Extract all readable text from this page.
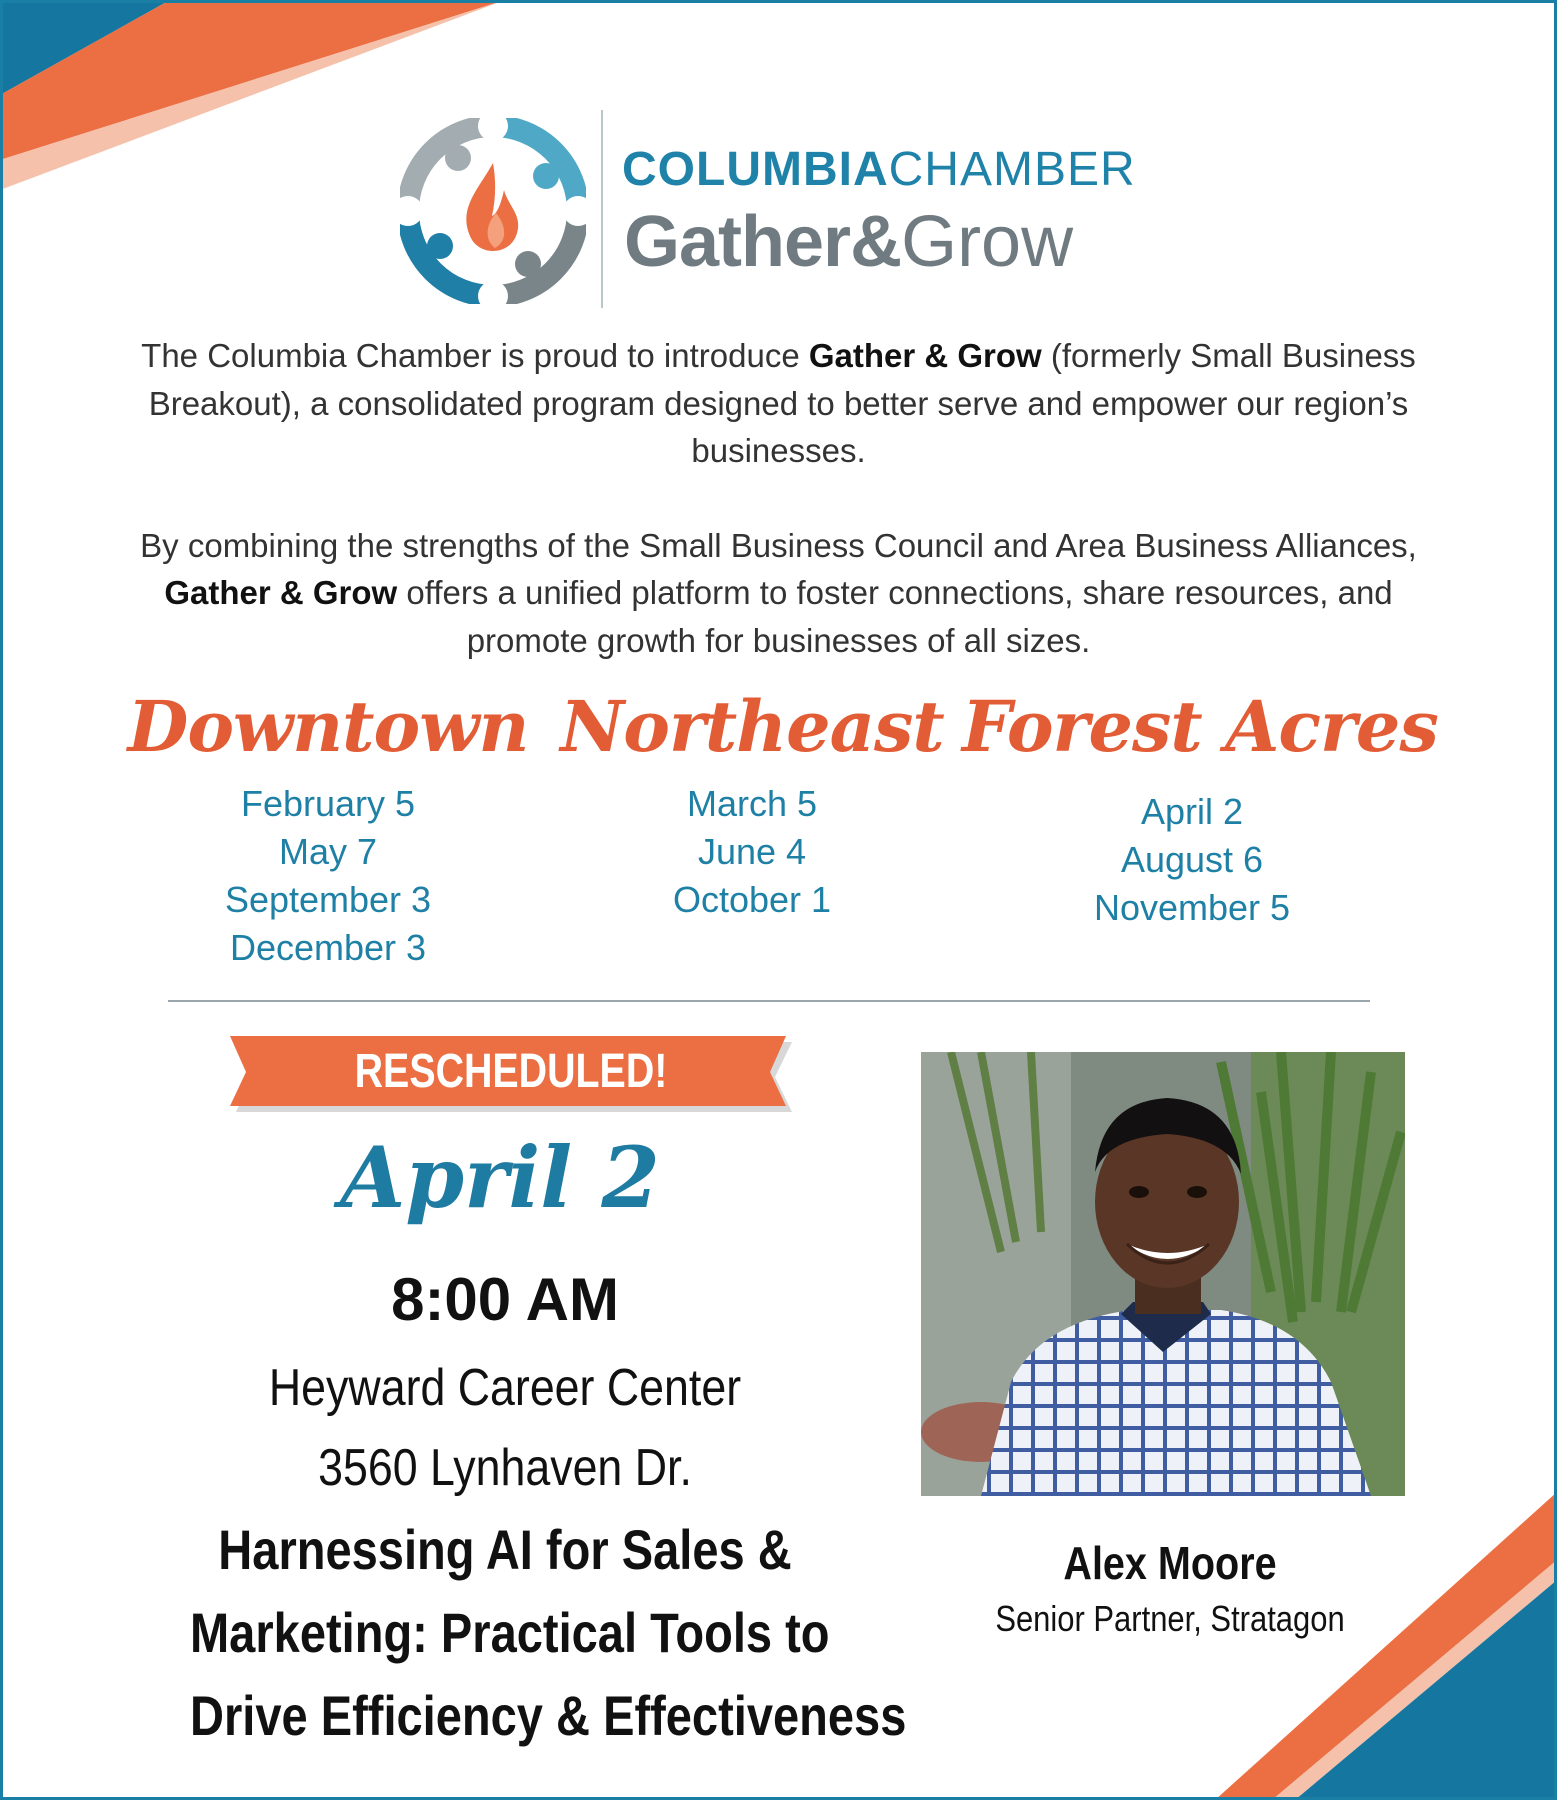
COLUMBIACHAMBER
Gather&Grow

The Columbia Chamber is proud to introduce Gather & Grow (formerly Small Business Breakout), a consolidated program designed to better serve and empower our region’s businesses.

By combining the strengths of the Small Business Council and Area Business Alliances, Gather & Grow offers a unified platform to foster connections, share resources, and promote growth for businesses of all sizes.

Downtown
February 5
May 7
September 3
December 3
Northeast
March 5
June 4
October 1
Forest Acres
April 2
August 6
November 5
RESCHEDULED!
April 2
8:00 AM
Heyward Career Center
3560 Lynhaven Dr.
Harnessing AI for Sales &
Marketing: Practical Tools to
Drive Efficiency & Effectiveness
Alex Moore
Senior Partner, Stratagon
